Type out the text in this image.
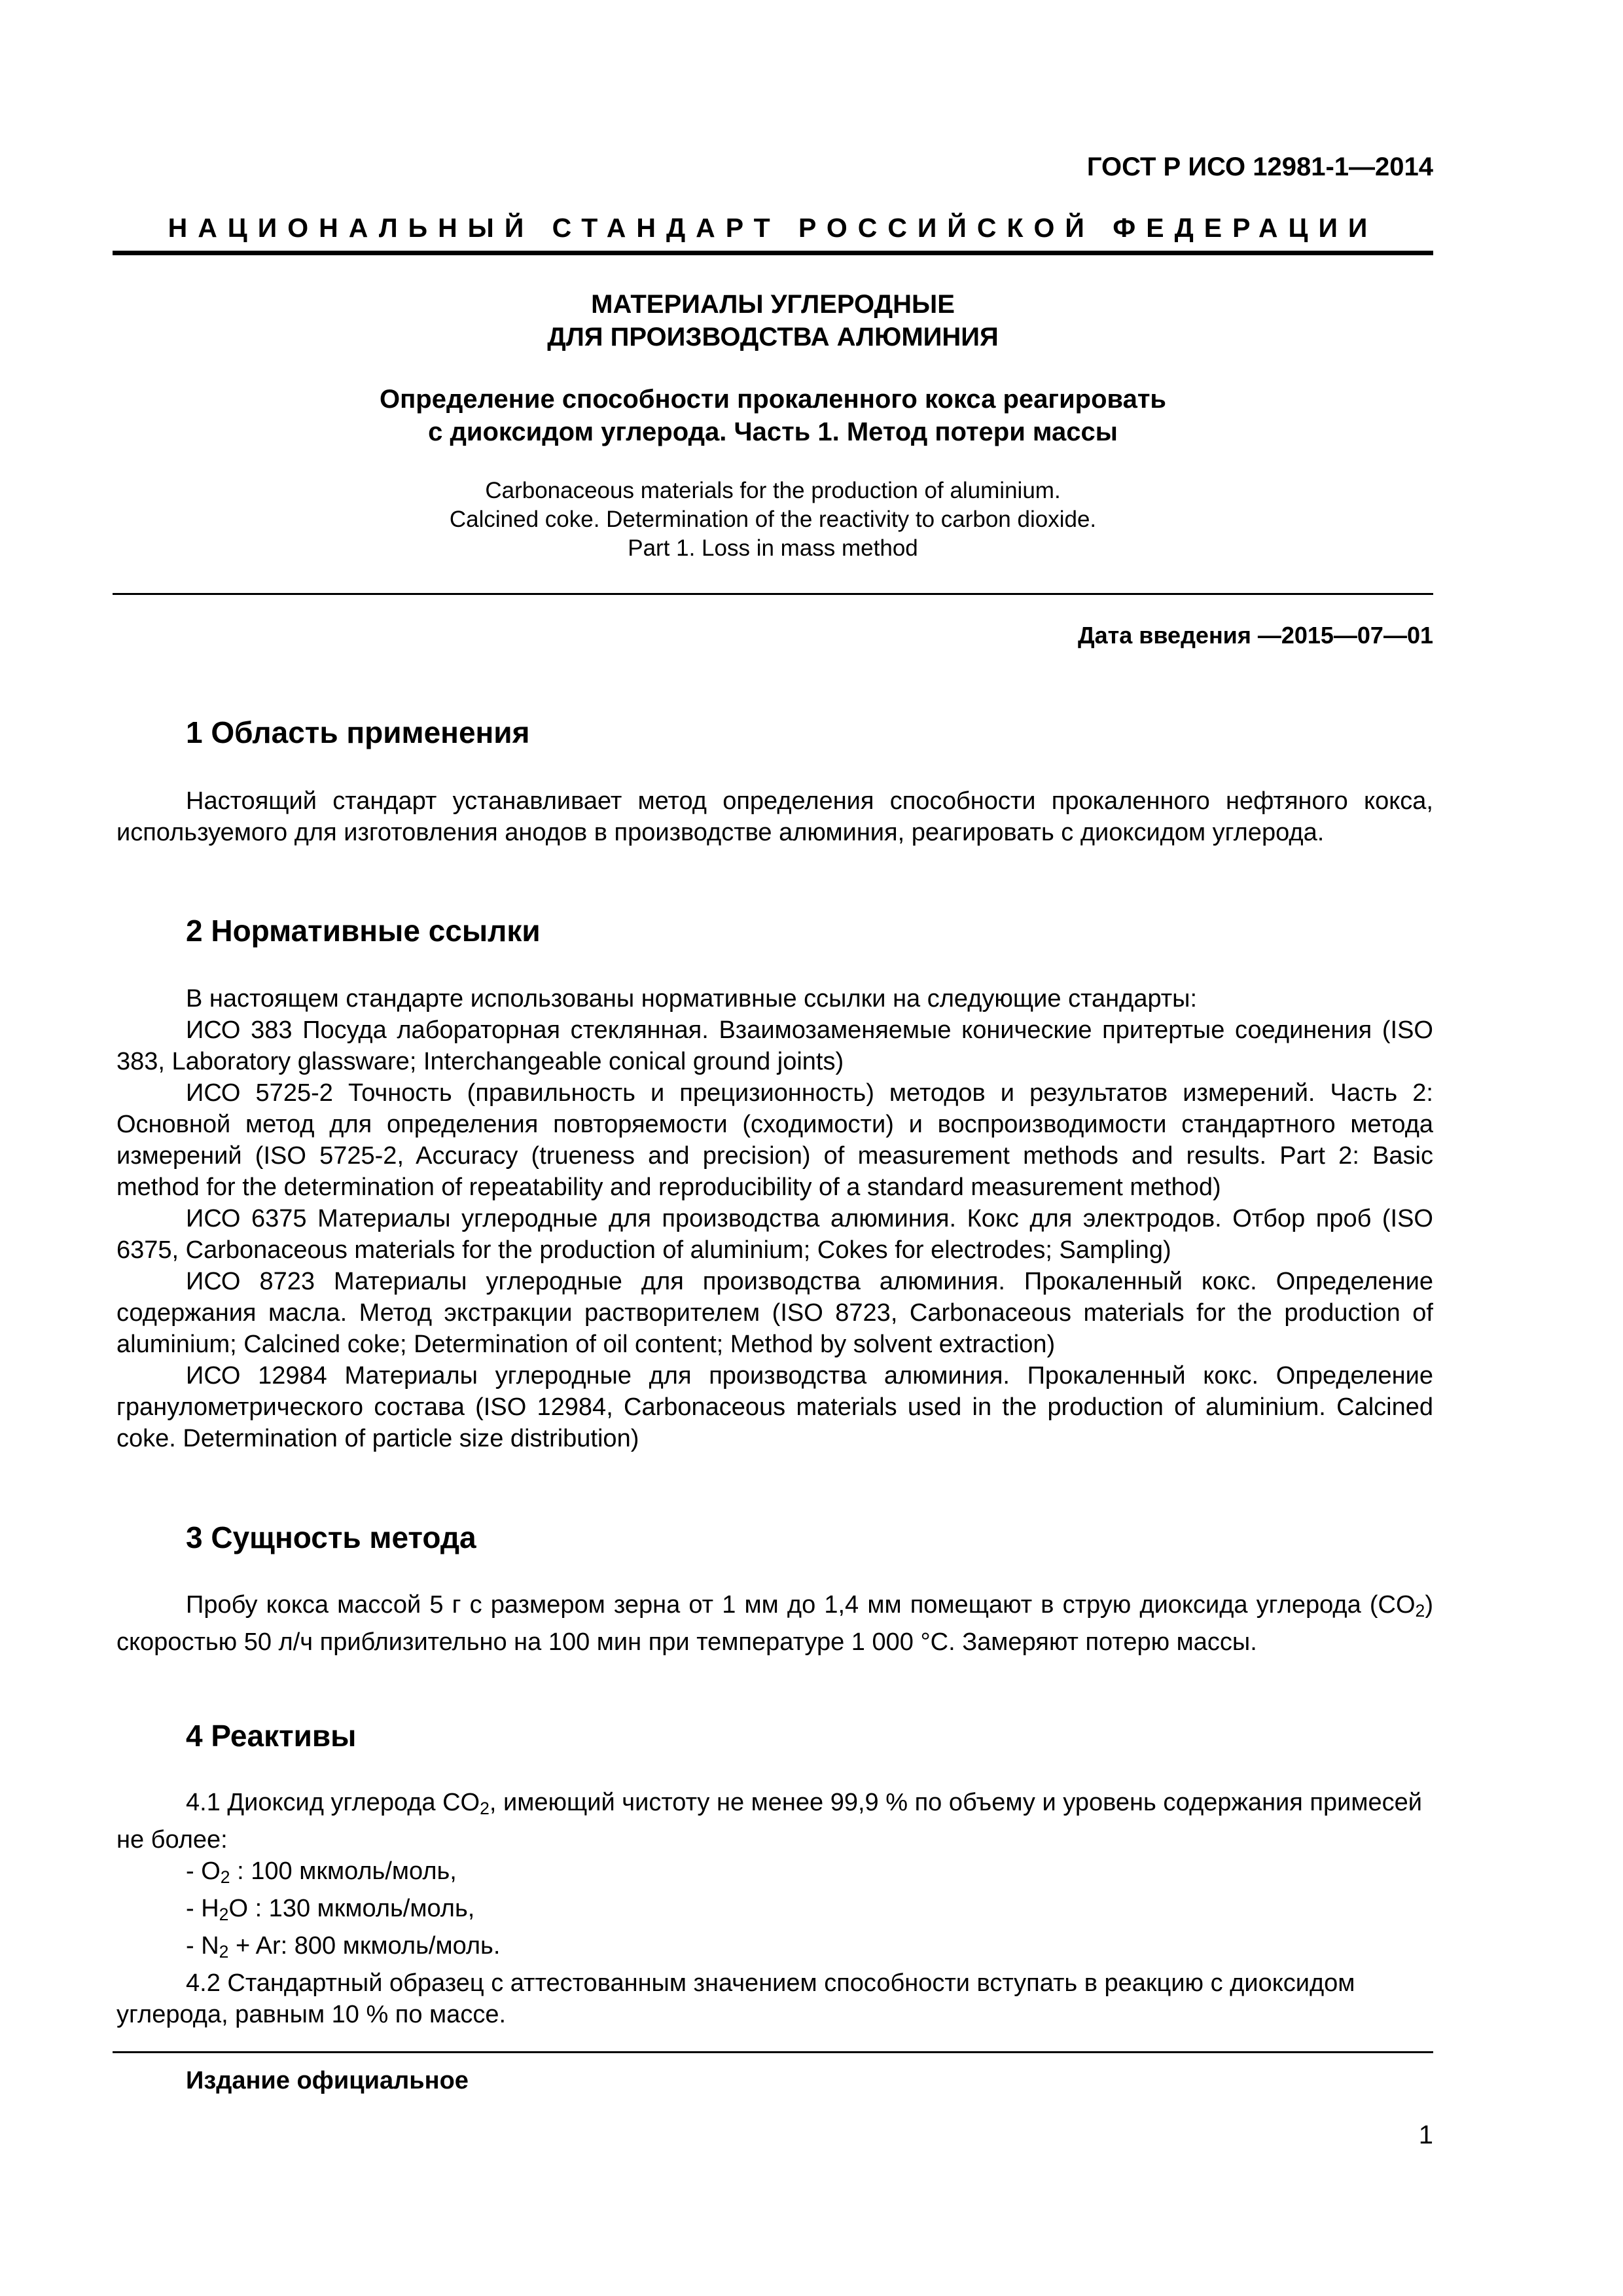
ГОСТ Р ИСО 12981-1—2014
НАЦИОНАЛЬНЫЙ СТАНДАРТ РОССИЙСКОЙ ФЕДЕРАЦИИ
МАТЕРИАЛЫ УГЛЕРОДНЫЕ
ДЛЯ ПРОИЗВОДСТВА АЛЮМИНИЯ
Определение способности прокаленного кокса реагировать
с диоксидом углерода. Часть 1. Метод потери массы
Carbonaceous materials for the production of aluminium.
Calcined coke. Determination of the reactivity to carbon dioxide.
Part 1. Loss in mass method
Дата введения —2015—07—01
1 Область применения
Настоящий стандарт устанавливает метод определения способности прокаленного нефтяного кокса, используемого для изготовления анодов в производстве алюминия, реагировать с диоксидом углерода.
2 Нормативные ссылки
В настоящем стандарте использованы нормативные ссылки на следующие стандарты:
ИСО 383 Посуда лабораторная стеклянная. Взаимозаменяемые конические притертые соединения (ISO 383, Laboratory glassware; Interchangeable conical ground joints)
ИСО 5725-2 Точность (правильность и прецизионность) методов и результатов измерений. Часть 2: Основной метод для определения повторяемости (сходимости) и воспроизводимости стандартного метода измерений (ISO 5725-2, Accuracy (trueness and precision) of measurement methods and results. Part 2: Basic method for the determination of repeatability and reproducibility of a standard measurement method)
ИСО 6375 Материалы углеродные для производства алюминия. Кокс для электродов. Отбор проб (ISO 6375, Carbonaceous materials for the production of aluminium; Cokes for electrodes; Sampling)
ИСО 8723 Материалы углеродные для производства алюминия. Прокаленный кокс. Определение содержания масла. Метод экстракции растворителем (ISO 8723, Carbonaceous materials for the production of aluminium; Calcined coke; Determination of oil content; Method by solvent extraction)
ИСО 12984 Материалы углеродные для производства алюминия. Прокаленный кокс. Определение гранулометрического состава (ISO 12984, Carbonaceous materials used in the production of aluminium. Calcined coke. Determination of particle size distribution)
3 Сущность метода
Пробу кокса массой 5 г с размером зерна от 1 мм до 1,4 мм помещают в струю диоксида углерода $(CO_2)$ скоростью 50 л/ч приблизительно на 100 мин при температуре 1 000 °С. Замеряют потерю массы.
4 Реактивы
4.1 Диоксид углерода $CO_2$, имеющий чистоту не менее 99,9 % по объему и уровень содержания примесей не более:
- $O_2$ : 100 мкмоль/моль,
- $H_2O$ : 130 мкмоль/моль,
- $N_2 + Ar$: 800 мкмоль/моль.
4.2 Стандартный образец с аттестованным значением способности вступать в реакцию с диоксидом углерода, равным 10 % по массе.
Издание официальное
1
